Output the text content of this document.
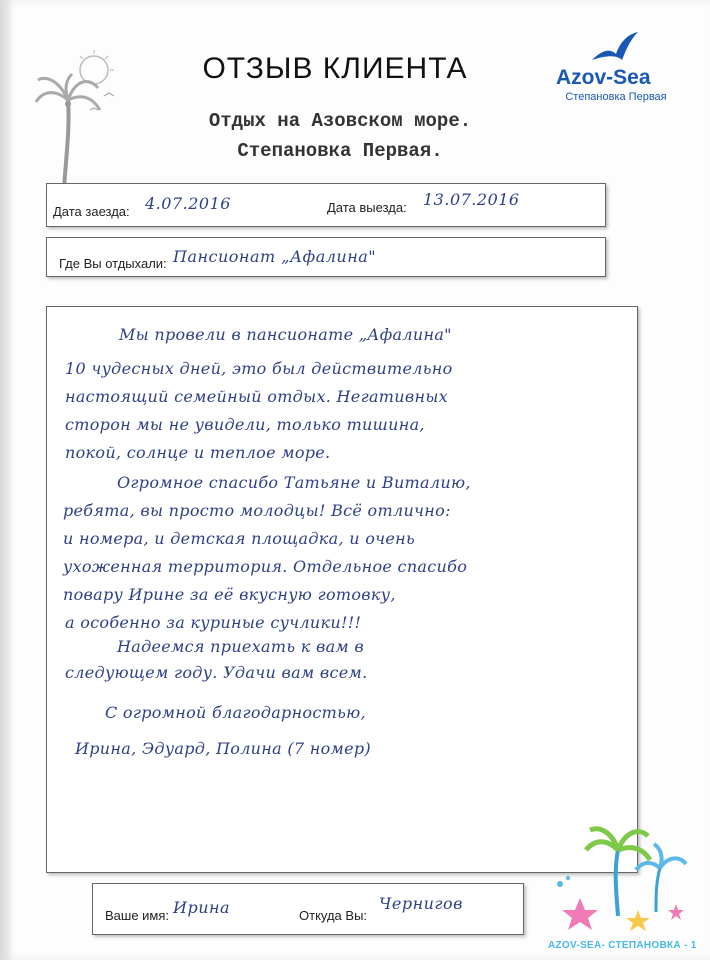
ОТЗЫВ КЛИЕНТА
Отдых на Азовском море.
Степановка Первая.
Azov-Sea
Степановка Первая
Дата заезда: 4.07.2016	Дата выезда: 13.07.2016
Где Вы отдыхали: Пансионат „Афалина"
Мы провели в пансионате „Афалина"
10 чудесных дней, это был действительно
настоящий семейный отдых. Негативных
сторон мы не увидели, только тишина,
покой, солнце и теплое море.
Огромное спасибо Татьяне и Виталию,
ребята, вы просто молодцы! Всё отлично:
и номера, и детская площадка, и очень
ухоженная территория. Отдельное спасибо
повару Ирине за её вкусную готовку,
а особенно за куриные сучлики!!!
Надеемся приехать к вам в
следующем году. Удачи вам всем.
С огромной благодарностью,
Ирина, Эдуард, Полина (7 номер)
Ваше имя: Ирина	Откуда Вы:
Чернигов
AZOV-SEA- СТЕПАНОВКА - 1
